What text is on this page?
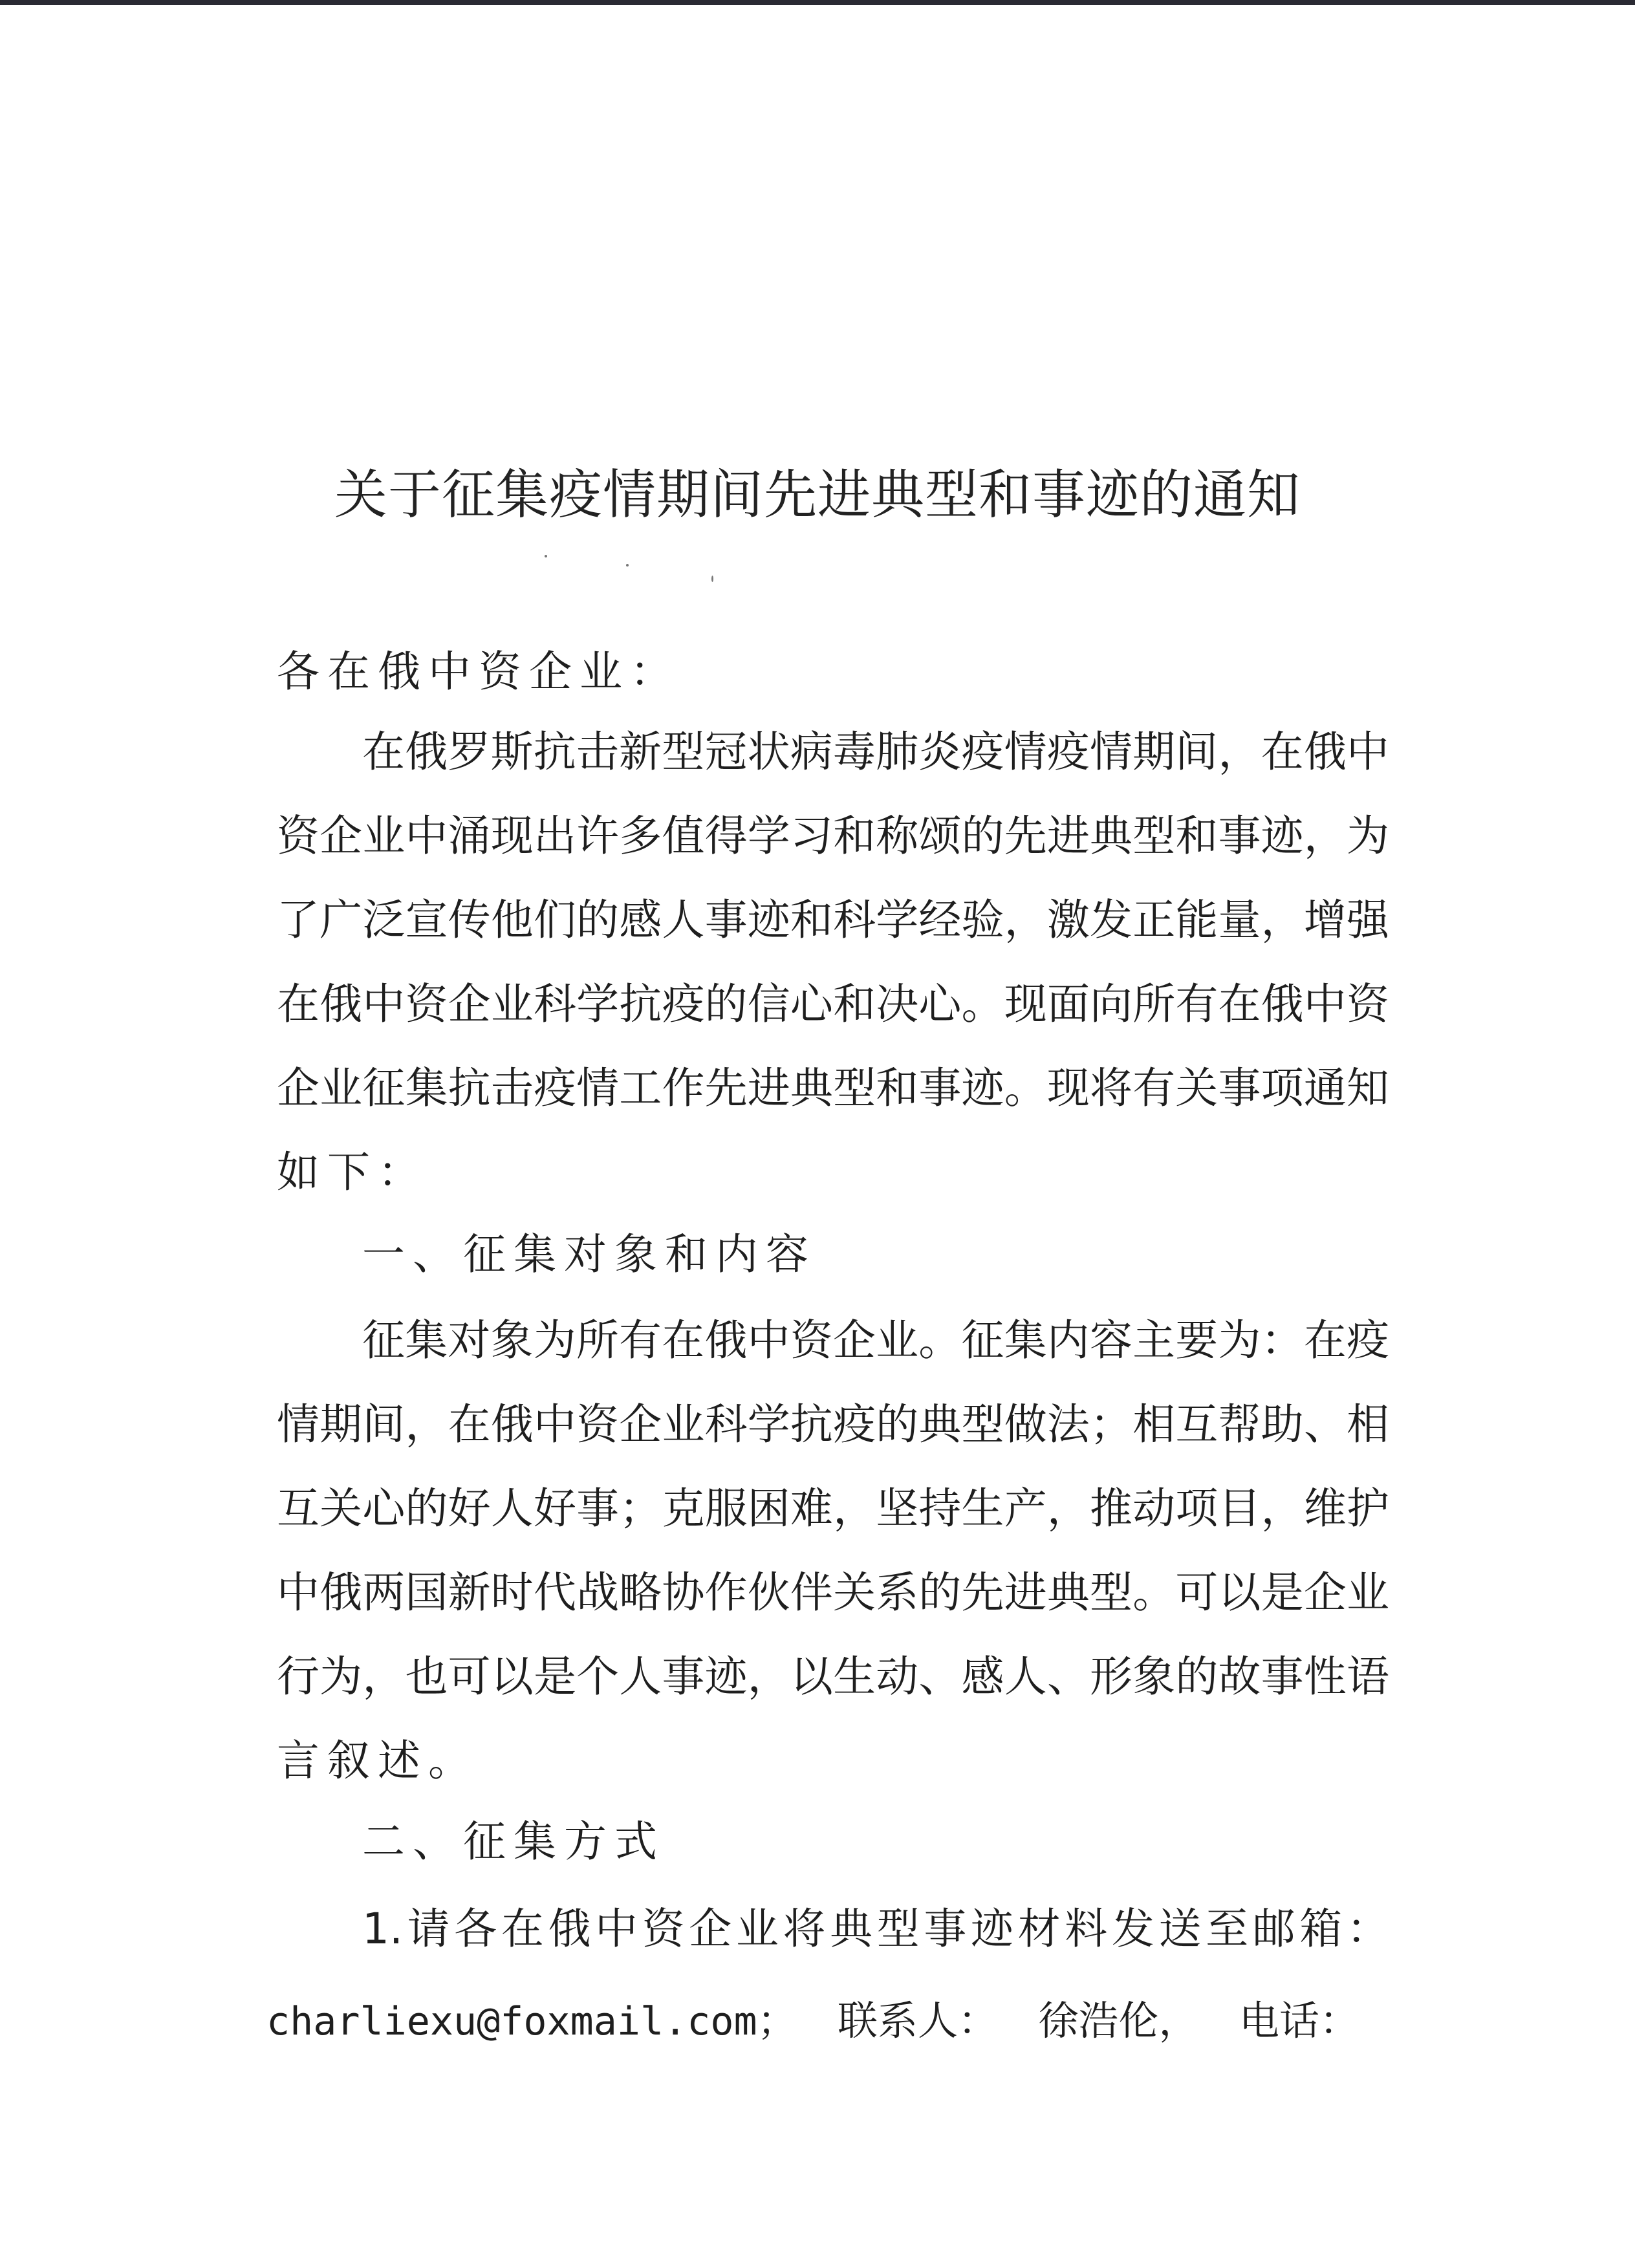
关于征集疫情期间先进典型和事迹的通知
各在俄中资企业：
在俄罗斯抗击新型冠状病毒肺炎疫情疫情期间，在俄中
资企业中涌现出许多值得学习和称颂的先进典型和事迹，为
了广泛宣传他们的感人事迹和科学经验，激发正能量，增强
在俄中资企业科学抗疫的信心和决心。现面向所有在俄中资
企业征集抗击疫情工作先进典型和事迹。现将有关事项通知
如下：
一、征集对象和内容
征集对象为所有在俄中资企业。征集内容主要为：在疫
情期间，在俄中资企业科学抗疫的典型做法；相互帮助、相
互关心的好人好事；克服困难，坚持生产，推动项目，维护
中俄两国新时代战略协作伙伴关系的先进典型。可以是企业
行为，也可以是个人事迹，以生动、感人、形象的故事性语
言叙述。
二、征集方式
1.请各在俄中资企业将典型事迹材料发送至邮箱：
charliexu@foxmail.com； 联系人： 徐浩伦， 电话：
